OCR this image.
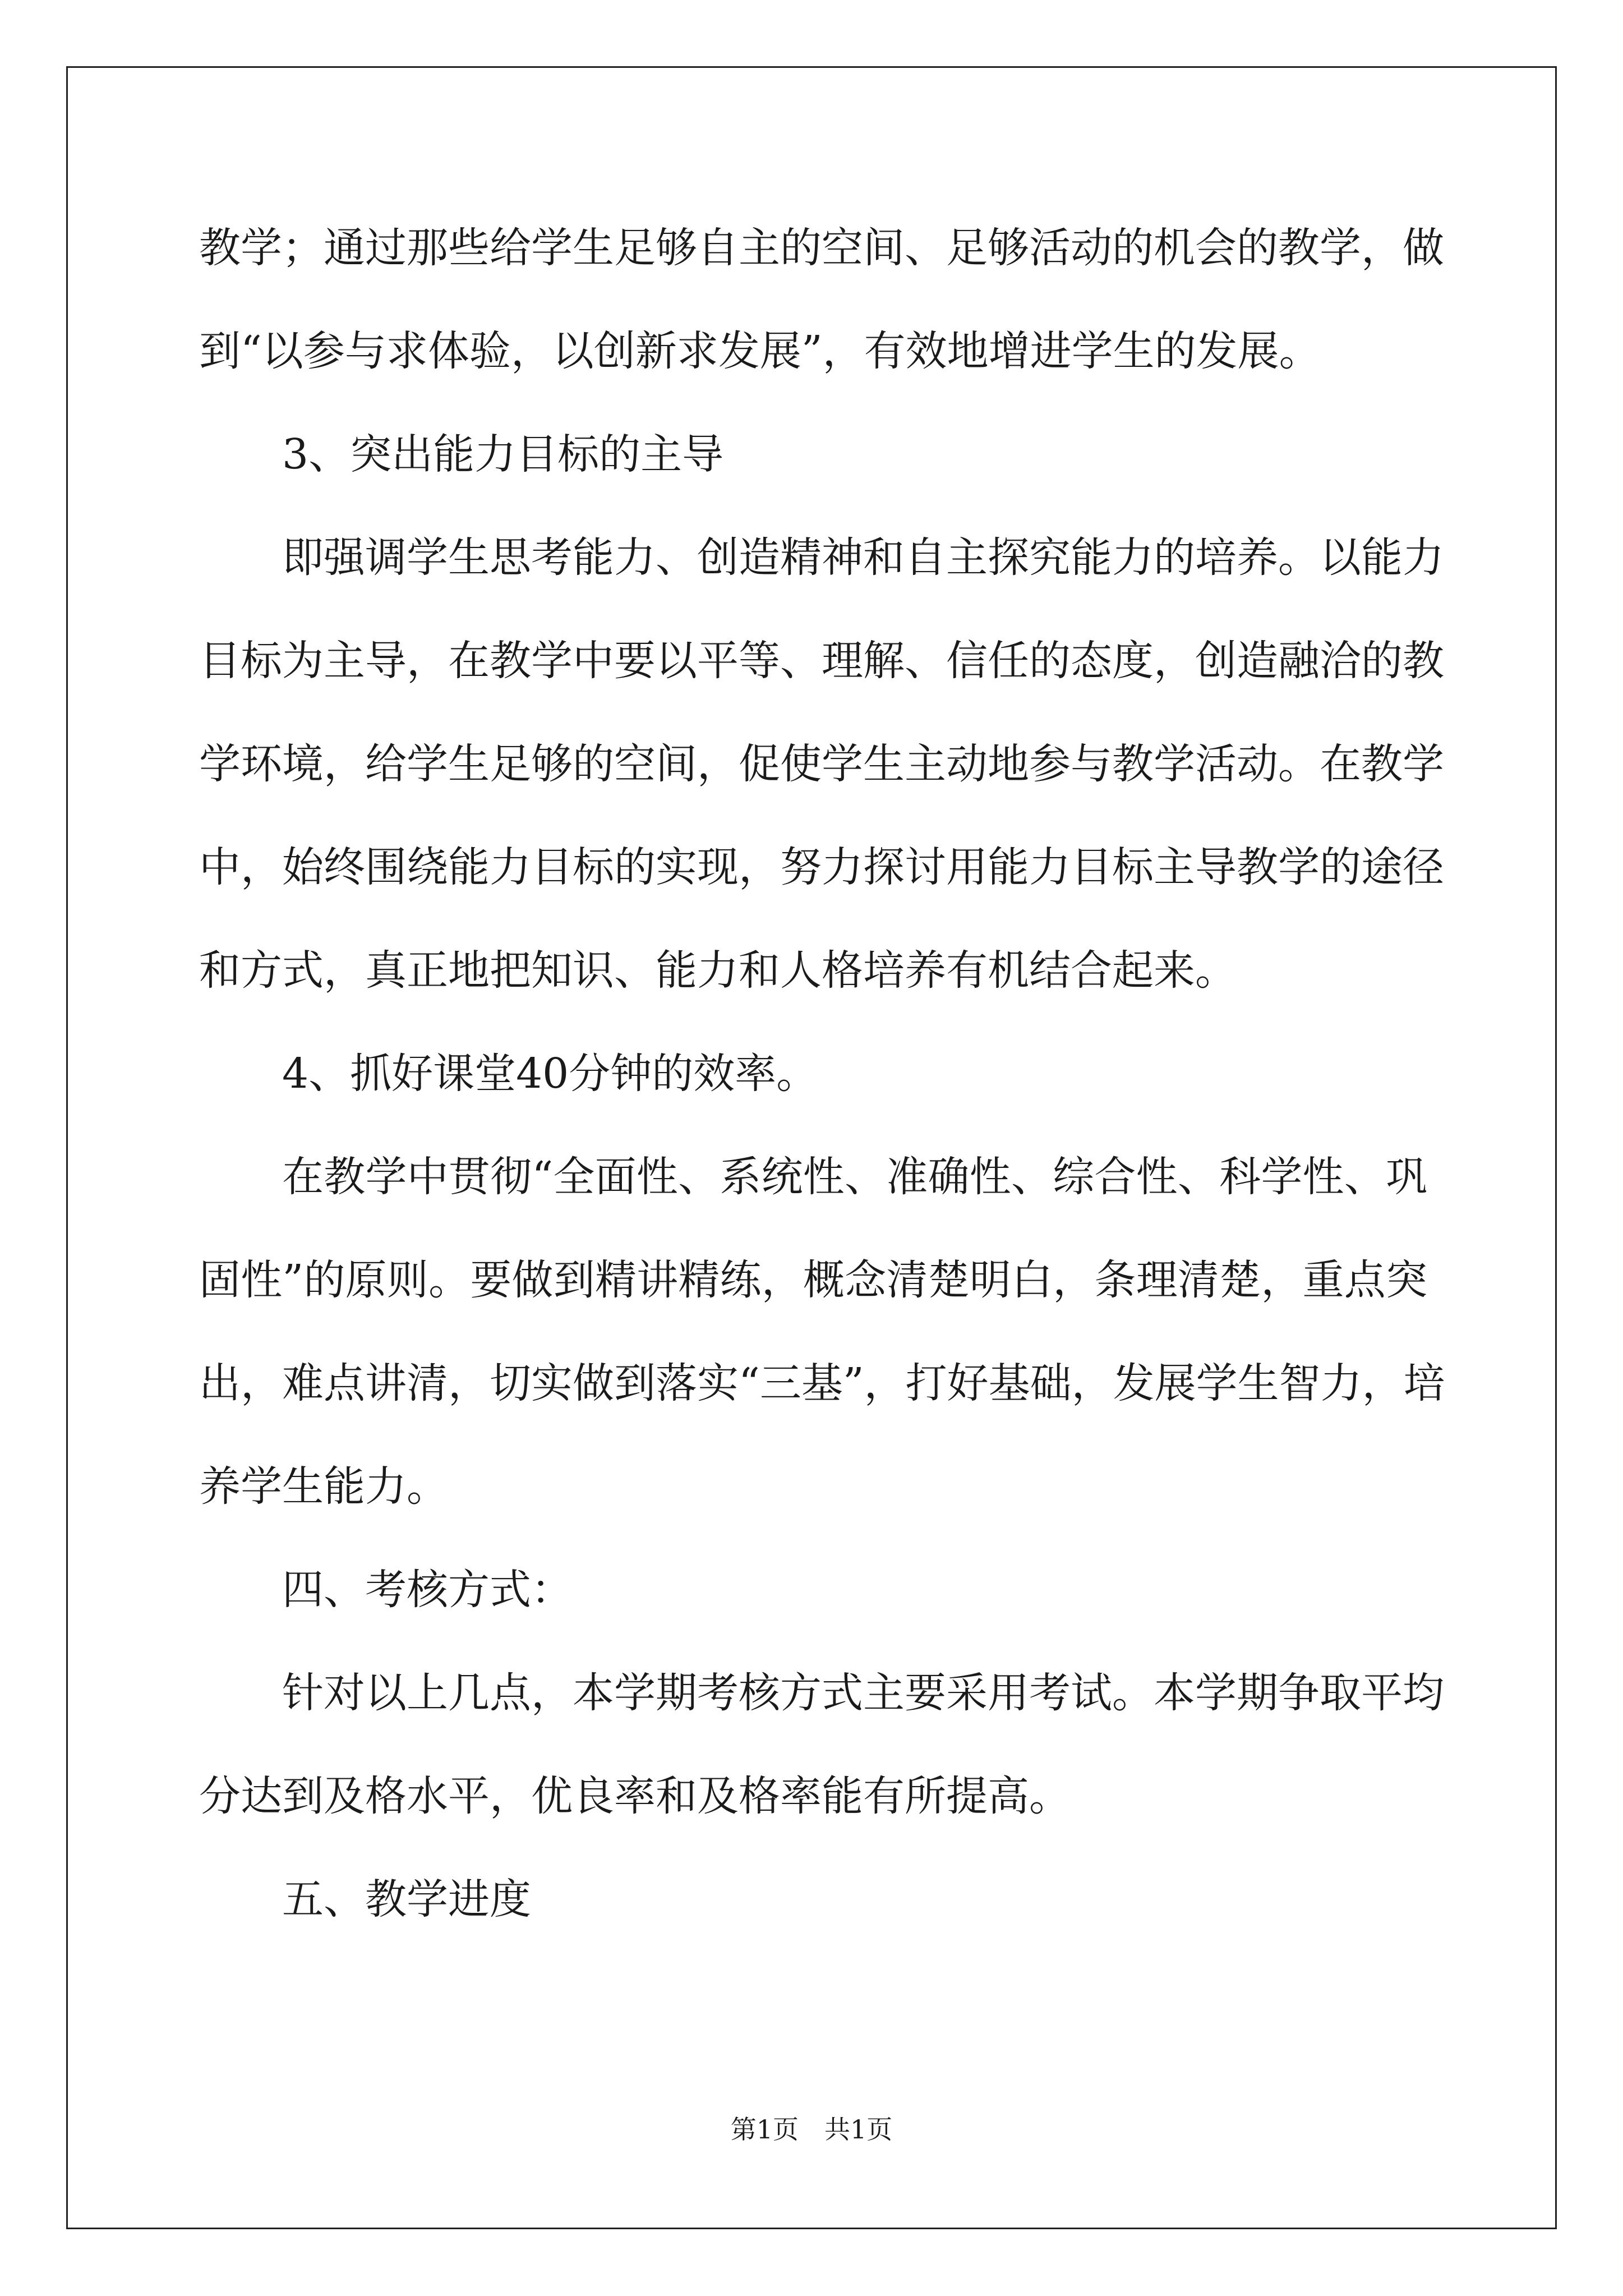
教学；通过那些给学生足够自主的空间、足够活动的机会的教学，做
到“以参与求体验，以创新求发展”，有效地增进学生的发展。
3、突出能力目标的主导
即强调学生思考能力、创造精神和自主探究能力的培养。以能力
目标为主导，在教学中要以平等、理解、信任的态度，创造融洽的教
学环境，给学生足够的空间，促使学生主动地参与教学活动。在教学
中，始终围绕能力目标的实现，努力探讨用能力目标主导教学的途径
和方式，真正地把知识、能力和人格培养有机结合起来。
4、抓好课堂40分钟的效率。
在教学中贯彻“全面性、系统性、准确性、综合性、科学性、巩
固性”的原则。要做到精讲精练，概念清楚明白，条理清楚，重点突
出，难点讲清，切实做到落实“三基”，打好基础，发展学生智力，培
养学生能力。
四、考核方式：
针对以上几点，本学期考核方式主要采用考试。本学期争取平均
分达到及格水平，优良率和及格率能有所提高。
五、教学进度
第1页　共1页
